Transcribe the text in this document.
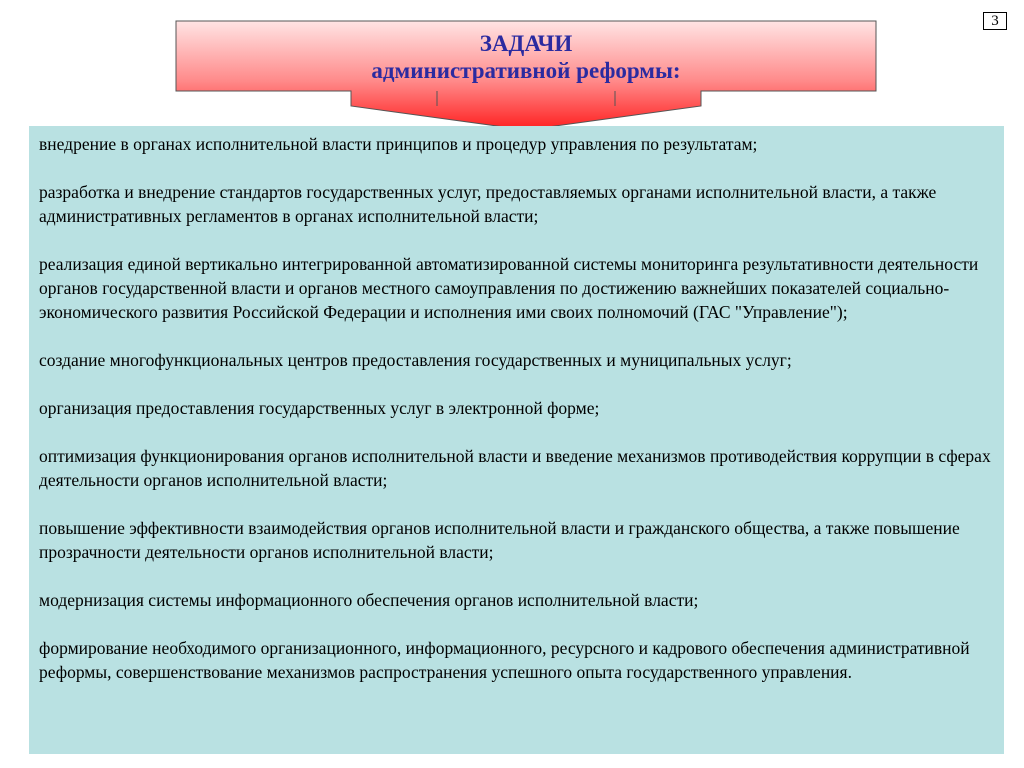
3
ЗАДАЧИ
административной реформы:
внедрение в органах исполнительной власти принципов и процедур управления по результатам;
разработка и внедрение стандартов государственных услуг, предоставляемых органами исполнительной власти, а также административных регламентов в органах исполнительной власти;
реализация единой вертикально интегрированной автоматизированной системы мониторинга результативности деятельности органов государственной власти и органов местного самоуправления по достижению важнейших показателей социально-экономического развития Российской Федерации и исполнения ими своих полномочий (ГАС "Управление");
создание многофункциональных центров предоставления государственных и муниципальных услуг;
организация предоставления государственных услуг в электронной форме;
оптимизация функционирования органов исполнительной власти и введение механизмов противодействия коррупции в сферах деятельности органов исполнительной власти;
повышение эффективности взаимодействия органов исполнительной власти и гражданского общества, а также повышение прозрачности деятельности органов исполнительной власти;
модернизация системы информационного обеспечения органов исполнительной власти;
формирование необходимого организационного, информационного, ресурсного и кадрового обеспечения административной реформы, совершенствование механизмов распространения успешного опыта государственного управления.
